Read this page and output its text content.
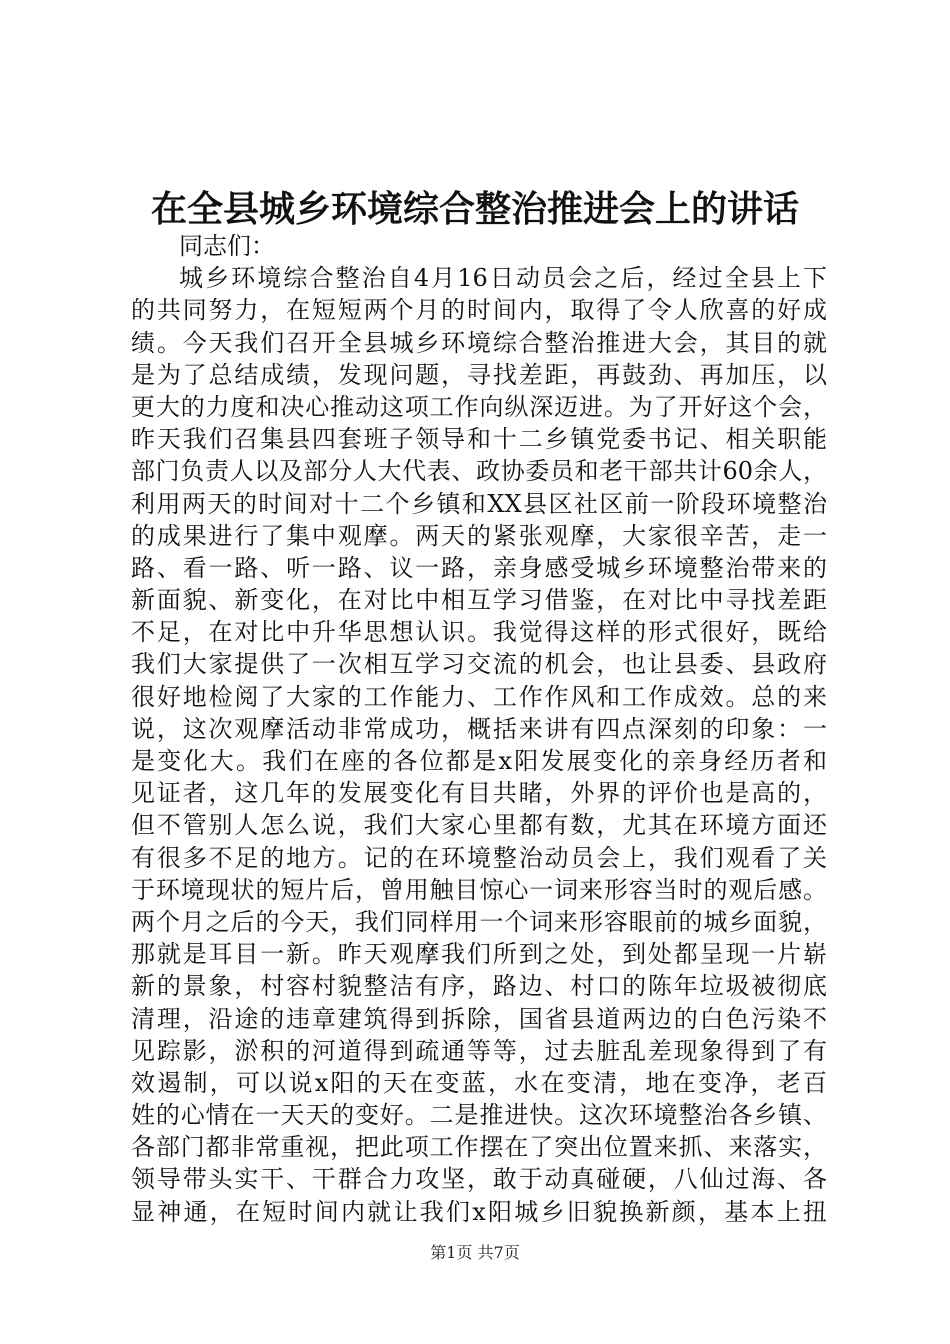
在全县城乡环境综合整治推进会上的讲话
同志们：
城乡环境综合整治自4月16日动员会之后，经过全县上下
的共同努力，在短短两个月的时间内，取得了令人欣喜的好成
绩。今天我们召开全县城乡环境综合整治推进大会，其目的就
是为了总结成绩，发现问题，寻找差距，再鼓劲、再加压，以
更大的力度和决心推动这项工作向纵深迈进。为了开好这个会，
昨天我们召集县四套班子领导和十二乡镇党委书记、相关职能
部门负责人以及部分人大代表、政协委员和老干部共计60余人，
利用两天的时间对十二个乡镇和XX县区社区前一阶段环境整治
的成果进行了集中观摩。两天的紧张观摩，大家很辛苦，走一
路、看一路、听一路、议一路，亲身感受城乡环境整治带来的
新面貌、新变化，在对比中相互学习借鉴，在对比中寻找差距
不足，在对比中升华思想认识。我觉得这样的形式很好，既给
我们大家提供了一次相互学习交流的机会，也让县委、县政府
很好地检阅了大家的工作能力、工作作风和工作成效。总的来
说，这次观摩活动非常成功，概括来讲有四点深刻的印象：一
是变化大。我们在座的各位都是x阳发展变化的亲身经历者和
见证者，这几年的发展变化有目共睹，外界的评价也是高的，
但不管别人怎么说，我们大家心里都有数，尤其在环境方面还
有很多不足的地方。记的在环境整治动员会上，我们观看了关
于环境现状的短片后，曾用触目惊心一词来形容当时的观后感。
两个月之后的今天，我们同样用一个词来形容眼前的城乡面貌，
那就是耳目一新。昨天观摩我们所到之处，到处都呈现一片崭
新的景象，村容村貌整洁有序，路边、村口的陈年垃圾被彻底
清理，沿途的违章建筑得到拆除，国省县道两边的白色污染不
见踪影，淤积的河道得到疏通等等，过去脏乱差现象得到了有
效遏制，可以说x阳的天在变蓝，水在变清，地在变净，老百
姓的心情在一天天的变好。二是推进快。这次环境整治各乡镇、
各部门都非常重视，把此项工作摆在了突出位置来抓、来落实，
领导带头实干、干群合力攻坚，敢于动真碰硬，八仙过海、各
显神通，在短时间内就让我们x阳城乡旧貌换新颜，基本上扭
第1页 共7页
